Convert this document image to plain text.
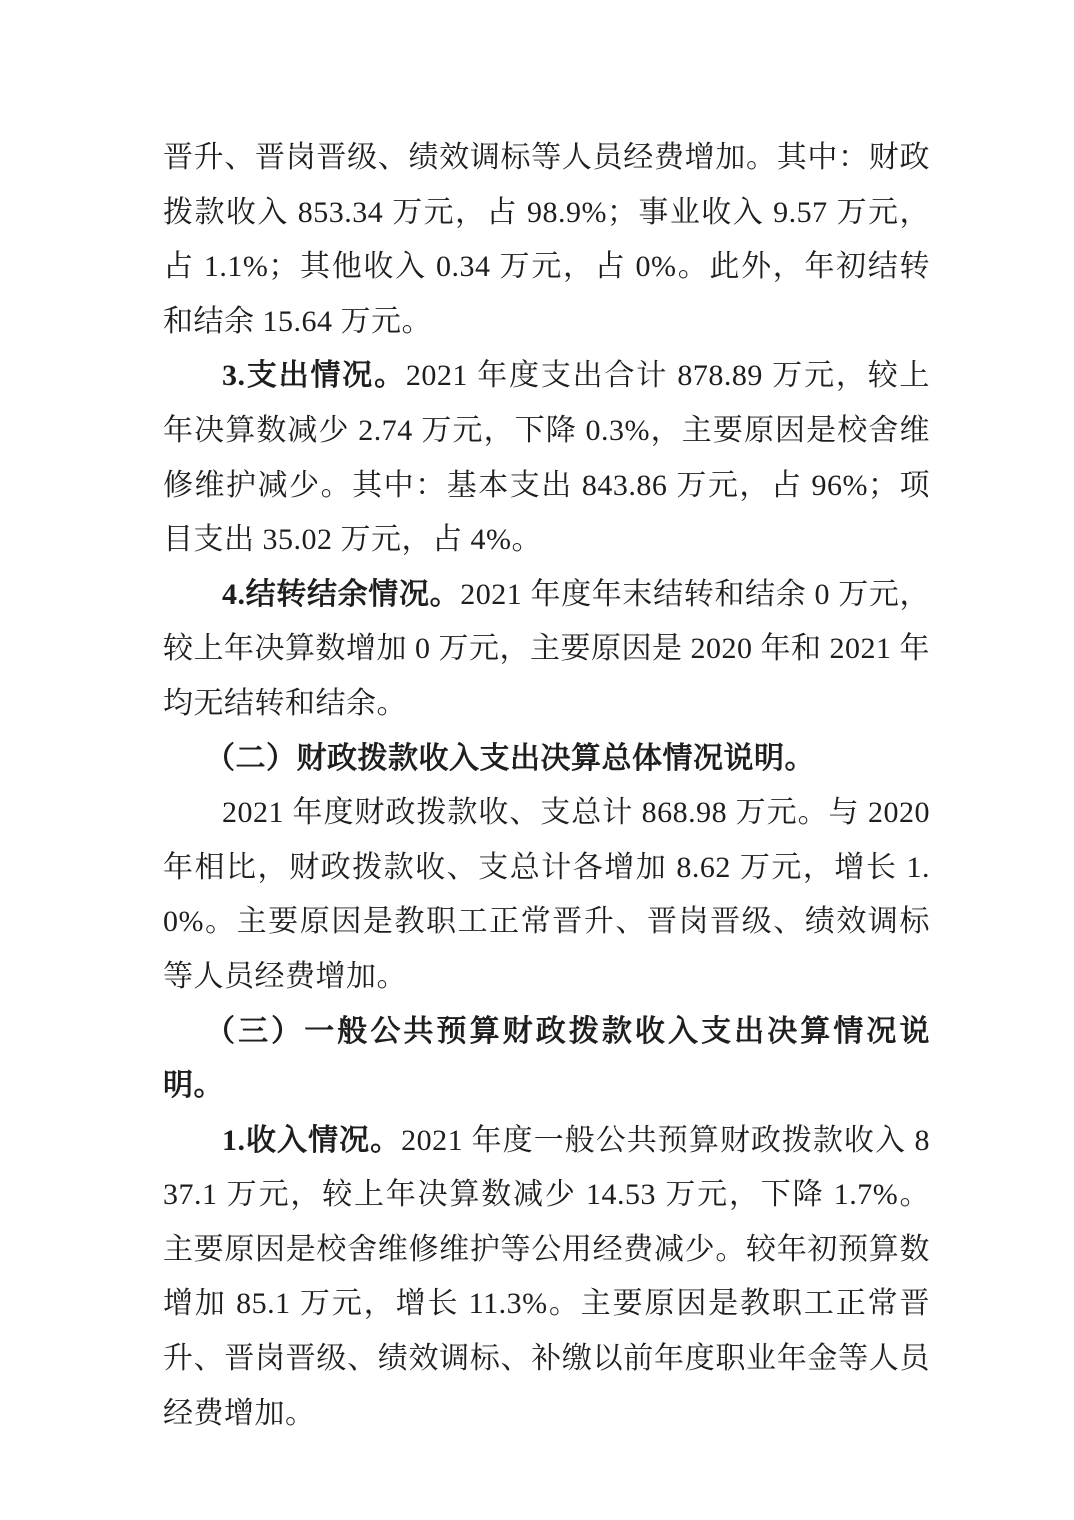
晋升、晋岗晋级、绩效调标等人员经费增加。其中：财政拨款收入 853.34 万元，占 98.9%；事业收入 9.57 万元，占 1.1%；其他收入 0.34 万元，占 0%。此外，年初结转和结余 15.64 万元。

3.支出情况。2021 年度支出合计 878.89 万元，较上年决算数减少 2.74 万元，下降 0.3%，主要原因是校舍维修维护减少。其中：基本支出 843.86 万元，占 96%；项目支出 35.02 万元，占 4%。

4.结转结余情况。2021 年度年末结转和结余 0 万元，较上年决算数增加 0 万元，主要原因是 2020 年和 2021 年均无结转和结余。

（二）财政拨款收入支出决算总体情况说明。

2021 年度财政拨款收、支总计 868.98 万元。与 2020 年相比，财政拨款收、支总计各增加 8.62 万元，增长 1.0%。主要原因是教职工正常晋升、晋岗晋级、绩效调标等人员经费增加。

（三）一般公共预算财政拨款收入支出决算情况说明。

1.收入情况。2021 年度一般公共预算财政拨款收入 837.1 万元，较上年决算数减少 14.53 万元，下降 1.7%。主要原因是校舍维修维护等公用经费减少。较年初预算数增加 85.1 万元，增长 11.3%。主要原因是教职工正常晋升、晋岗晋级、绩效调标、补缴以前年度职业年金等人员经费增加。
